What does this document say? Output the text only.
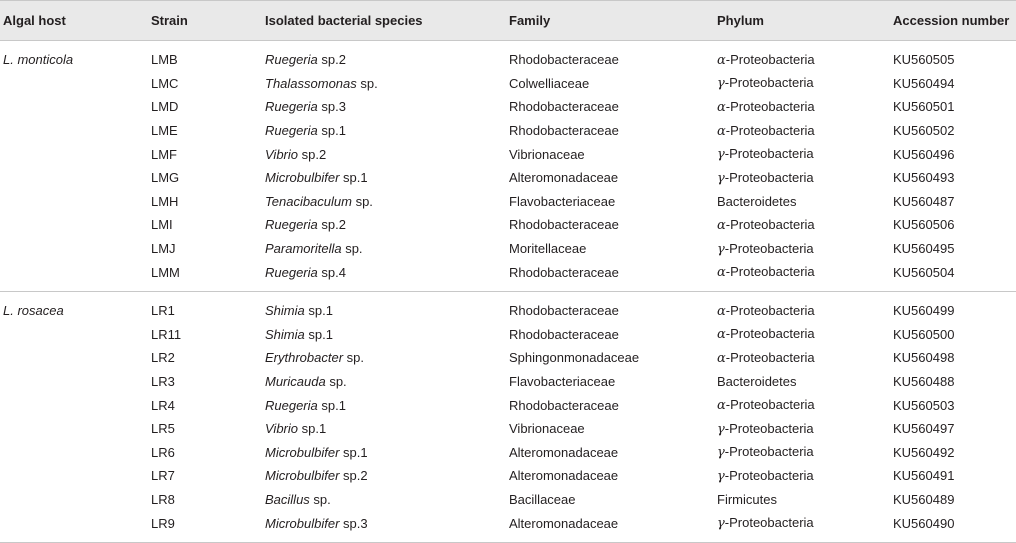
Algal host	Strain	Isolated bacterial species	Family	Phylum	Accession number

L. monticola	LMB	Ruegeria sp.2	Rhodobacteraceae	α-Proteobacteria	KU560505
	LMC	Thalassomonas sp.	Colwelliaceae	γ-Proteobacteria	KU560494
	LMD	Ruegeria sp.3	Rhodobacteraceae	α-Proteobacteria	KU560501
	LME	Ruegeria sp.1	Rhodobacteraceae	α-Proteobacteria	KU560502
	LMF	Vibrio sp.2	Vibrionaceae	γ-Proteobacteria	KU560496
	LMG	Microbulbifer sp.1	Alteromonadaceae	γ-Proteobacteria	KU560493
	LMH	Tenacibaculum sp.	Flavobacteriaceae	Bacteroidetes	KU560487
	LMI	Ruegeria sp.2	Rhodobacteraceae	α-Proteobacteria	KU560506
	LMJ	Paramoritella sp.	Moritellaceae	γ-Proteobacteria	KU560495
	LMM	Ruegeria sp.4	Rhodobacteraceae	α-Proteobacteria	KU560504

L. rosacea	LR1	Shimia sp.1	Rhodobacteraceae	α-Proteobacteria	KU560499
	LR11	Shimia sp.1	Rhodobacteraceae	α-Proteobacteria	KU560500
	LR2	Erythrobacter sp.	Sphingonmonadaceae	α-Proteobacteria	KU560498
	LR3	Muricauda sp.	Flavobacteriaceae	Bacteroidetes	KU560488
	LR4	Ruegeria sp.1	Rhodobacteraceae	α-Proteobacteria	KU560503
	LR5	Vibrio sp.1	Vibrionaceae	γ-Proteobacteria	KU560497
	LR6	Microbulbifer sp.1	Alteromonadaceae	γ-Proteobacteria	KU560492
	LR7	Microbulbifer sp.2	Alteromonadaceae	γ-Proteobacteria	KU560491
	LR8	Bacillus sp.	Bacillaceae	Firmicutes	KU560489
	LR9	Microbulbifer sp.3	Alteromonadaceae	γ-Proteobacteria	KU560490
